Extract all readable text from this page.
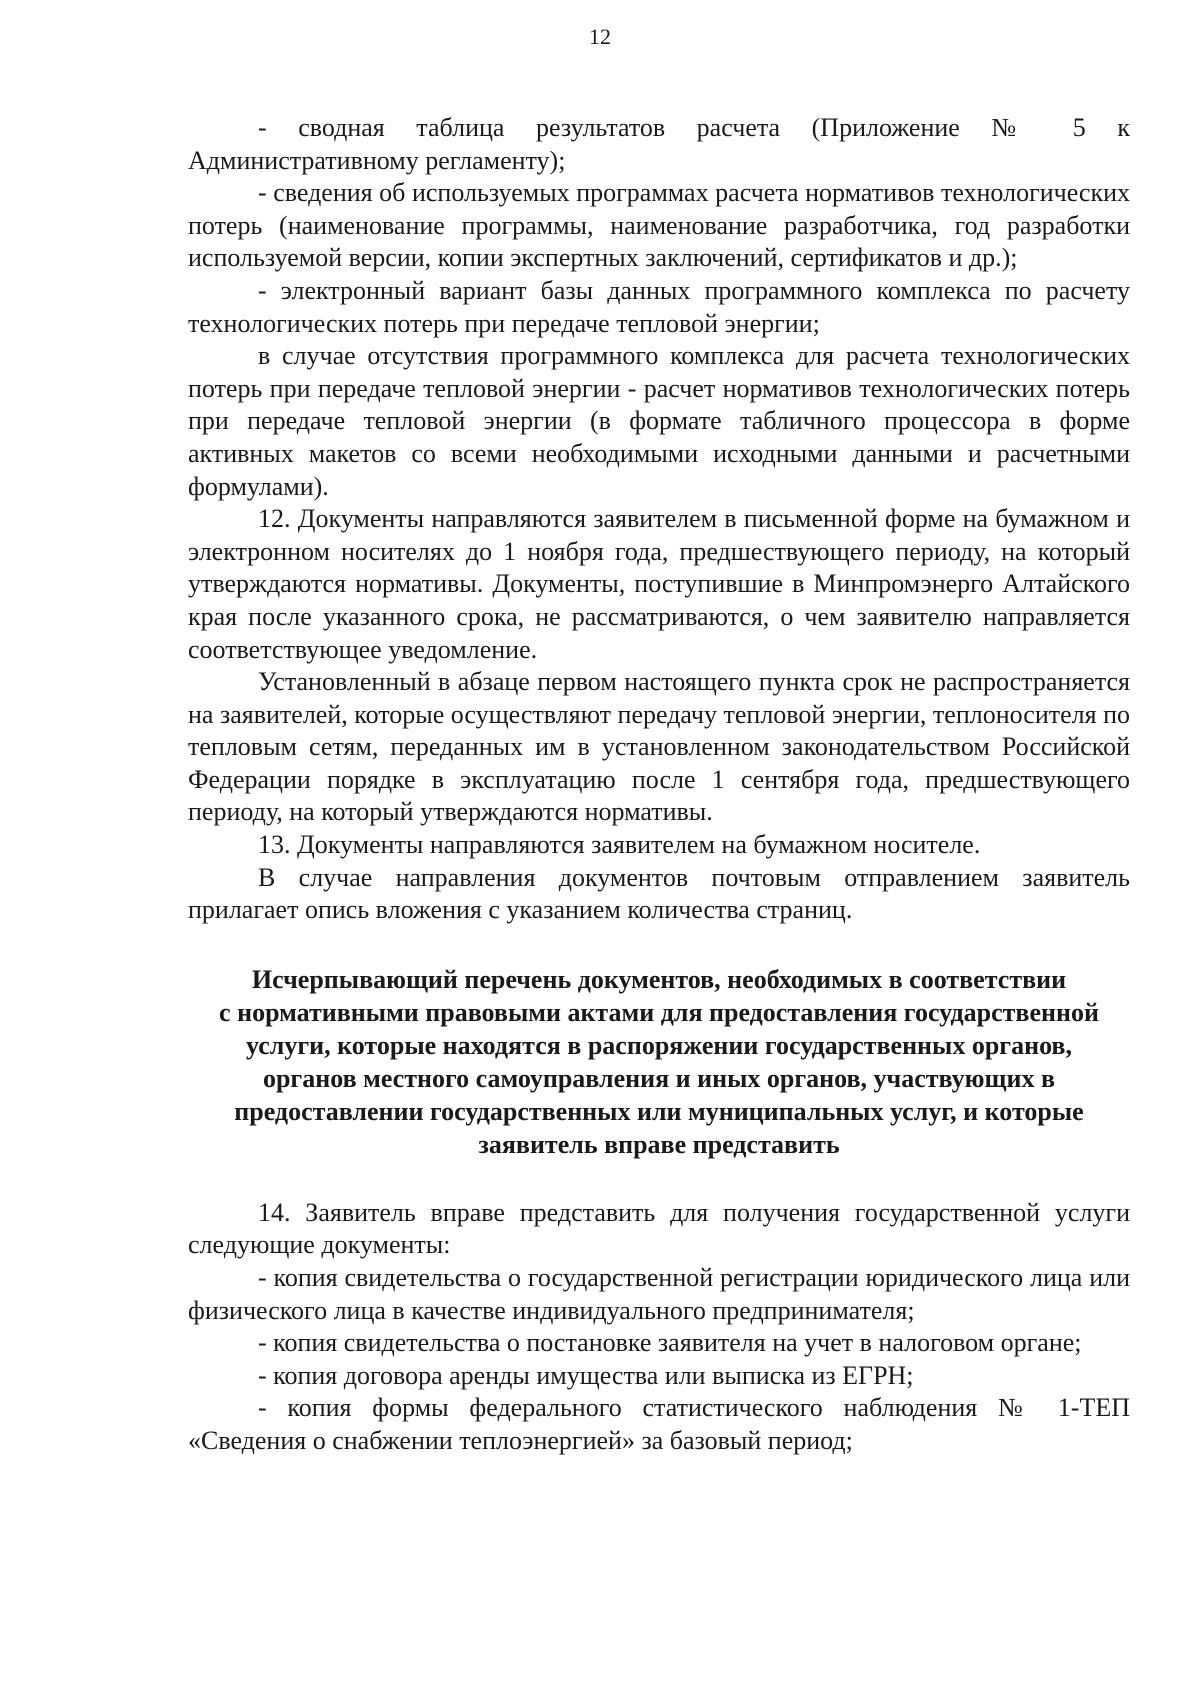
12

- сводная таблица результатов расчета (Приложение № 5 к Административному регламенту);

- сведения об используемых программах расчета нормативов технологических потерь (наименование программы, наименование разработчика, год разработки используемой версии, копии экспертных заключений, сертификатов и др.);

- электронный вариант базы данных программного комплекса по расчету технологических потерь при передаче тепловой энергии;

в случае отсутствия программного комплекса для расчета технологических потерь при передаче тепловой энергии - расчет нормативов технологических потерь при передаче тепловой энергии (в формате табличного процессора в форме активных макетов со всеми необходимыми исходными данными и расчетными формулами).

12. Документы направляются заявителем в письменной форме на бумажном и электронном носителях до 1 ноября года, предшествующего периоду, на который утверждаются нормативы. Документы, поступившие в Минпромэнерго Алтайского края после указанного срока, не рассматриваются, о чем заявителю направляется соответствующее уведомление.

Установленный в абзаце первом настоящего пункта срок не распространяется на заявителей, которые осуществляют передачу тепловой энергии, теплоносителя по тепловым сетям, переданных им в установленном законодательством Российской Федерации порядке в эксплуатацию после 1 сентября года, предшествующего периоду, на который утверждаются нормативы.

13. Документы направляются заявителем на бумажном носителе.

В случае направления документов почтовым отправлением заявитель прилагает опись вложения с указанием количества страниц.

Исчерпывающий перечень документов, необходимых в соответствии
с нормативными правовыми актами для предоставления государственной
услуги, которые находятся в распоряжении государственных органов,
органов местного самоуправления и иных органов, участвующих в
предоставлении государственных или муниципальных услуг, и которые
заявитель вправе представить

14. Заявитель вправе представить для получения государственной услуги следующие документы:

- копия свидетельства о государственной регистрации юридического лица или физического лица в качестве индивидуального предпринимателя;

- копия свидетельства о постановке заявителя на учет в налоговом органе;

- копия договора аренды имущества или выписка из ЕГРН;

- копия формы федерального статистического наблюдения № 1-ТЕП «Сведения о снабжении теплоэнергией» за базовый период;
